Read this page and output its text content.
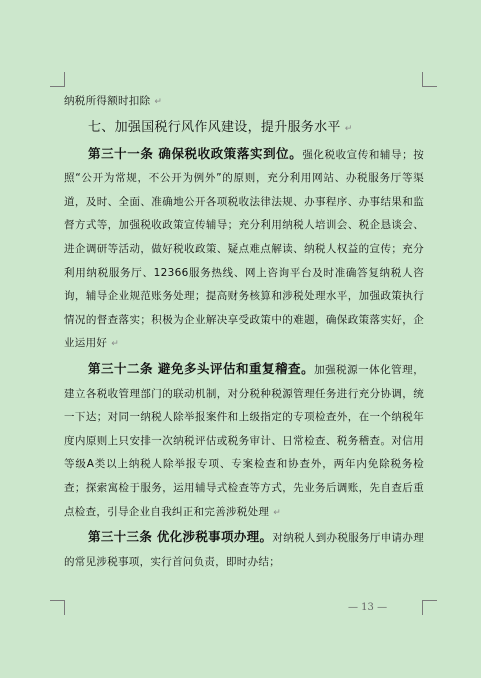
纳税所得额时扣除 ↵

七、加强国税行风作风建设，提升服务水平 ↵

第三十一条 确保税收政策落实到位。强化税收宣传和辅导；按照“公开为常规，不公开为例外”的原则，充分利用网站、办税服务厅等渠道，及时、全面、准确地公开各项税收法律法规、办事程序、办事结果和监督方式等，加强税收政策宣传辅导；充分利用纳税人培训会、税企恳谈会、进企调研等活动，做好税收政策、疑点难点解读、纳税人权益的宣传；充分利用纳税服务厅、12366服务热线、网上咨询平台及时准确答复纳税人咨询，辅导企业规范账务处理；提高财务核算和涉税处理水平，加强政策执行情况的督查落实；积极为企业解决享受政策中的难题，确保政策落实好，企业运用好 ↵

第三十二条 避免多头评估和重复稽查。加强税源一体化管理，建立各税收管理部门的联动机制，对分税种税源管理任务进行充分协调，统一下达；对同一纳税人除举报案件和上级指定的专项检查外，在一个纳税年度内原则上只安排一次纳税评估或税务审计、日常检查、税务稽查。对信用等级A类以上纳税人除举报专项、专案检查和协查外，两年内免除税务检查；探索寓检于服务，运用辅导式检查等方式，先业务后调账，先自查后重点检查，引导企业自我纠正和完善涉税处理 ↵

第三十三条 优化涉税事项办理。对纳税人到办税服务厅申请办理的常见涉税事项，实行首问负责，即时办结；

— 13 —
